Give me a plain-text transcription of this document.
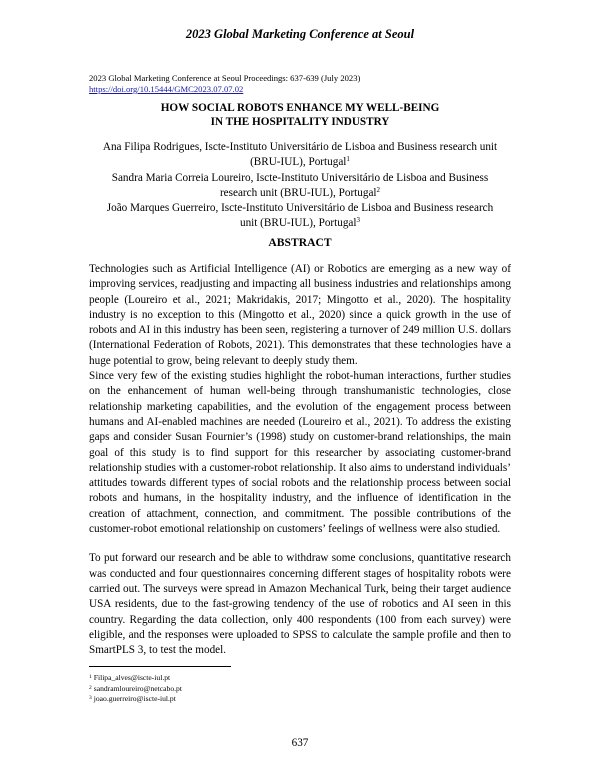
2023 Global Marketing Conference at Seoul
2023 Global Marketing Conference at Seoul Proceedings: 637-639 (July 2023)
https://doi.org/10.15444/GMC2023.07.07.02
HOW SOCIAL ROBOTS ENHANCE MY WELL-BEING
IN THE HOSPITALITY INDUSTRY
Ana Filipa Rodrigues, Iscte-Instituto Universitário de Lisboa and Business research unit
(BRU-IUL), Portugal$^1$
Sandra Maria Correia Loureiro, Iscte-Instituto Universitário de Lisboa and Business
research unit (BRU-IUL), Portugal$^2$
João Marques Guerreiro, Iscte-Instituto Universitário de Lisboa and Business research
unit (BRU-IUL), Portugal$^3$
ABSTRACT

Technologies such as Artificial Intelligence (AI) or Robotics are emerging as a new way of improving services, readjusting and impacting all business industries and relationships among people (Loureiro et al., 2021; Makridakis, 2017; Mingotto et al., 2020). The hospitality industry is no exception to this (Mingotto et al., 2020) since a quick growth in the use of robots and AI in this industry has been seen, registering a turnover of 249 million U.S. dollars (International Federation of Robots, 2021). This demonstrates that these technologies have a huge potential to grow, being relevant to deeply study them.

Since very few of the existing studies highlight the robot-human interactions, further studies on the enhancement of human well-being through transhumanistic technologies, close relationship marketing capabilities, and the evolution of the engagement process between humans and AI-enabled machines are needed (Loureiro et al., 2021). To address the existing gaps and consider Susan Fournier’s (1998) study on customer-brand relationships, the main goal of this study is to find support for this researcher by associating customer-brand relationship studies with a customer-robot relationship. It also aims to understand individuals’ attitudes towards different types of social robots and the relationship process between social robots and humans, in the hospitality industry, and the influence of identification in the creation of attachment, connection, and commitment. The possible contributions of the customer-robot emotional relationship on customers’ feelings of wellness were also studied.

To put forward our research and be able to withdraw some conclusions, quantitative research was conducted and four questionnaires concerning different stages of hospitality robots were carried out. The surveys were spread in Amazon Mechanical Turk, being their target audience USA residents, due to the fast-growing tendency of the use of robotics and AI seen in this country. Regarding the data collection, only 400 respondents (100 from each survey) were eligible, and the responses were uploaded to SPSS to calculate the sample profile and then to SmartPLS 3, to test the model.

$^1$ Filipa_alves@iscte-iul.pt
$^2$ sandramloureiro@netcabo.pt
$^3$ joao.guerreiro@iscte-iul.pt
637
